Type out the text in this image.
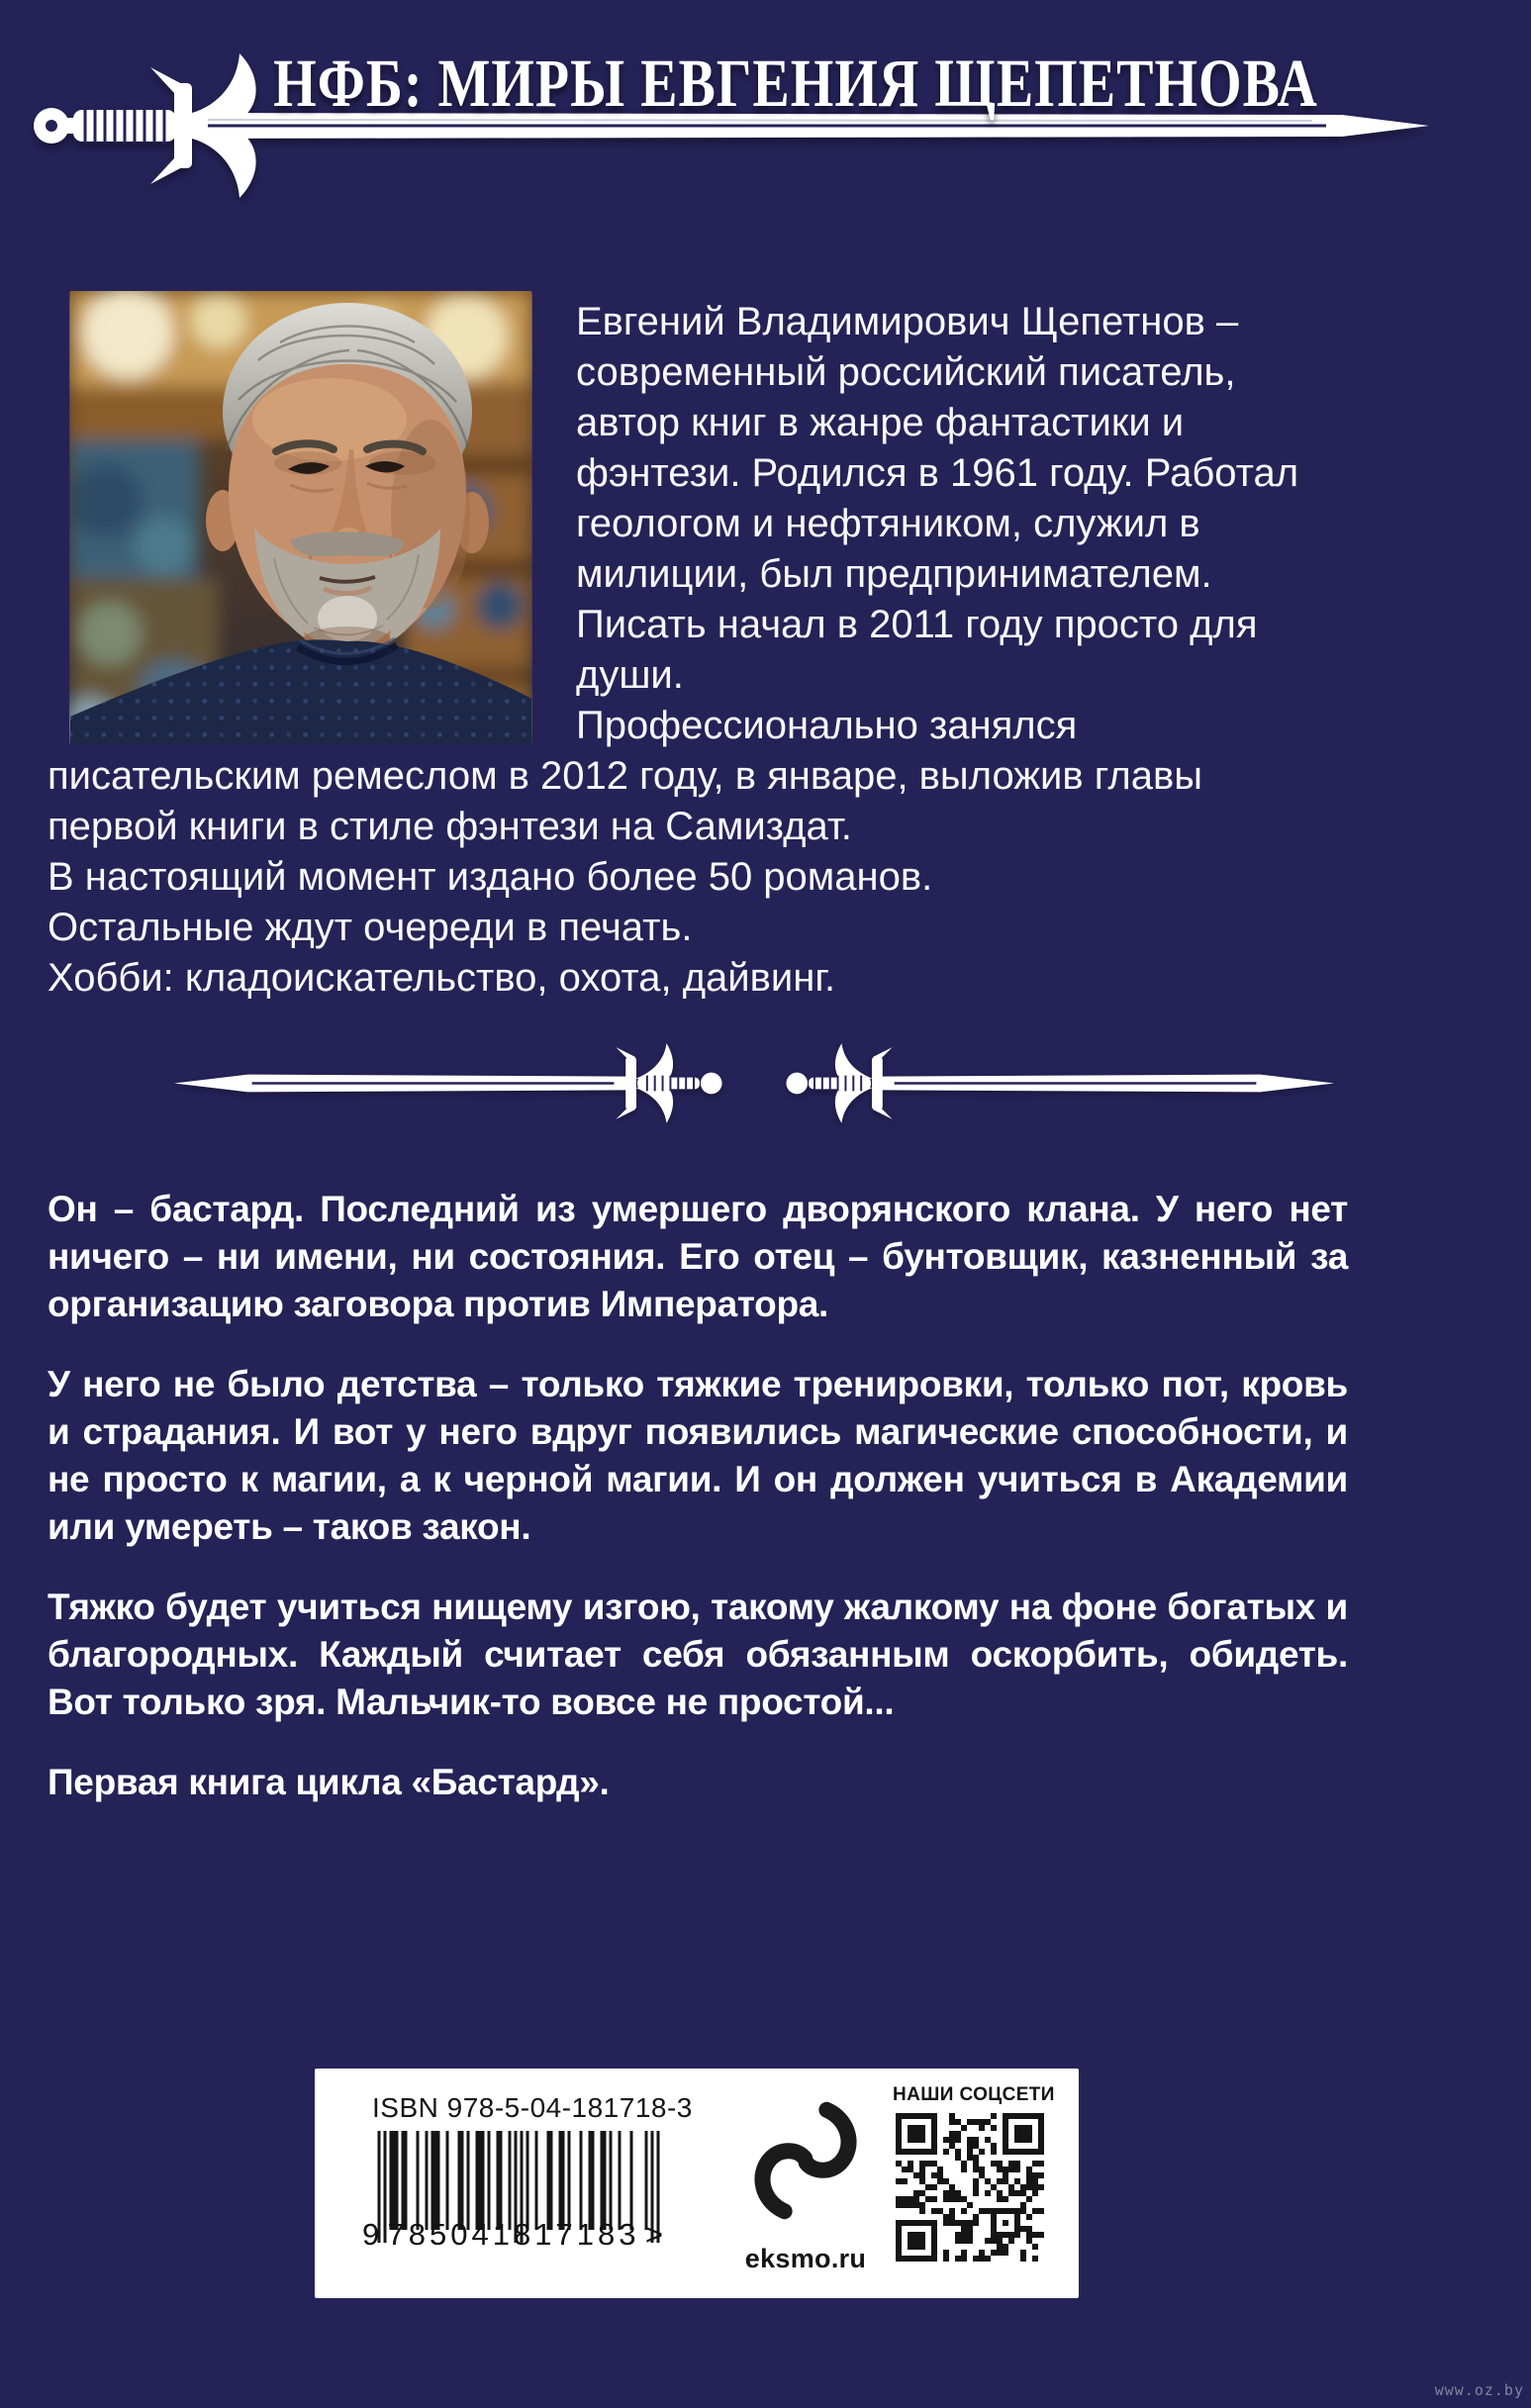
НФБ: МИРЫ ЕВГЕНИЯ ЩЕПЕТНОВА
Евгений Владимирович Щепетнов –
современный российский писатель,
автор книг в жанре фантастики и
фэнтези. Родился в 1961 году. Работал
геологом и нефтяником, служил в
милиции, был предпринимателем.
Писать начал в 2011 году просто для
души.
Профессионально занялся
писательским ремеслом в 2012 году, в январе, выложив главы
первой книги в стиле фэнтези на Самиздат.
В настоящий момент издано более 50 романов.
Остальные ждут очереди в печать.
Хобби: кладоискательство, охота, дайвинг.

Он – бастард. Последний из умершего дворянского клана. У него нет ничего – ни имени, ни состояния. Его отец – бунтовщик, казненный за организацию заговора против Императора.

У него не было детства – только тяжкие тренировки, только пот, кровь и страдания. И вот у него вдруг появились магические способности, и не просто к магии, а к черной магии. И он должен учиться в Академии или умереть – таков закон.

Тяжко будет учиться нищему изгою, такому жалкому на фоне богатых и благородных. Каждый считает себя обязанным оскорбить, обидеть. Вот только зря. Мальчик-то вовсе не простой...

Первая книга цикла «Бастард».

ISBN 978-5-04-181718-3
9 785041 817183 >
eksmo.ru
НАШИ СОЦСЕТИ
www.oz.by
